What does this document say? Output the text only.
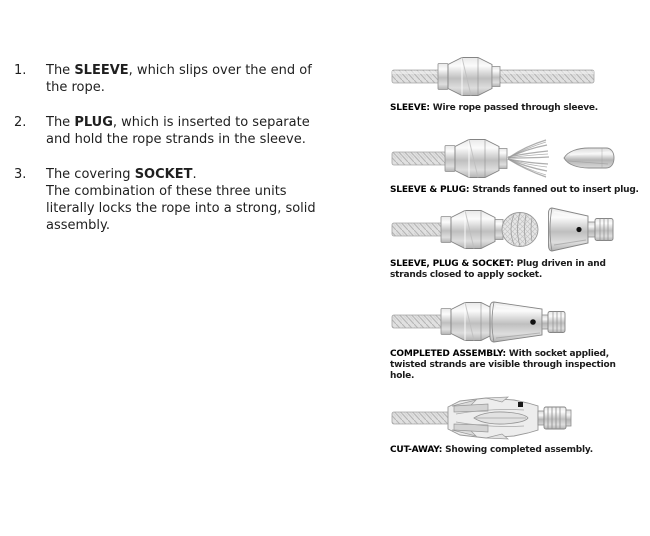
1.	The SLEEVE, which slips over the end of the rope.
2.	The PLUG, which is inserted to separate and hold the rope strands in the sleeve.
3.	The covering SOCKET.
The combination of these three units literally locks the rope into a strong, solid assembly.
SLEEVE: Wire rope passed through sleeve.
SLEEVE & PLUG: Strands fanned out to insert plug.
SLEEVE, PLUG & SOCKET: Plug driven in and strands closed to apply socket.
COMPLETED ASSEMBLY: With socket applied, twisted strands are visible through inspection hole.
CUT-AWAY: Showing completed assembly.
